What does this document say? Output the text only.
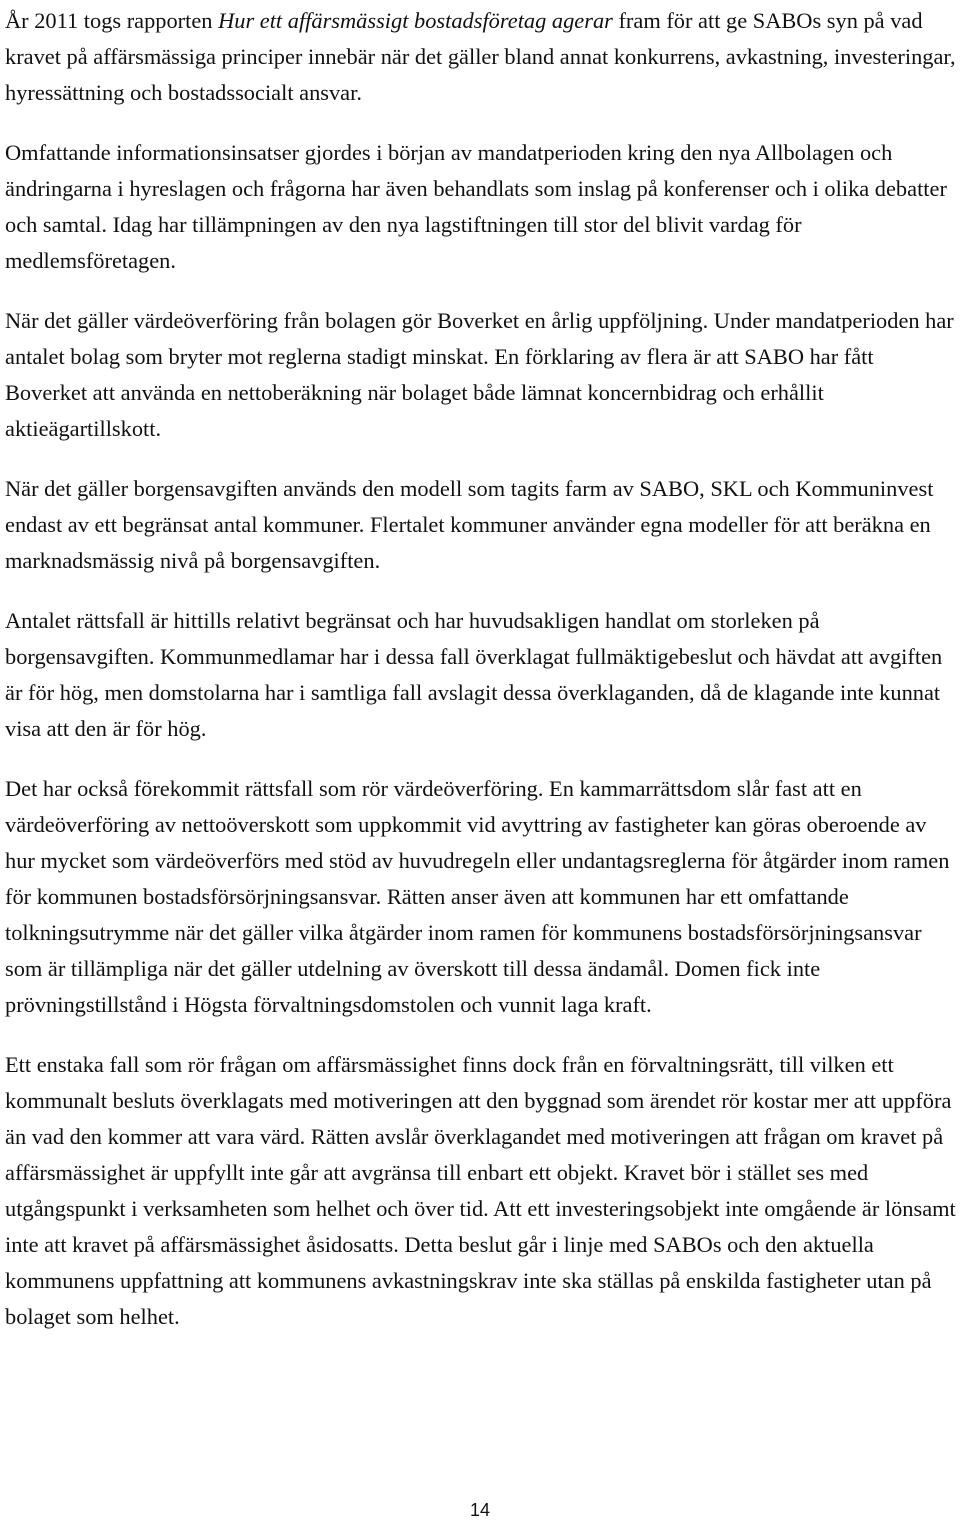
År 2011 togs rapporten Hur ett affärsmässigt bostadsföretag agerar fram för att ge SABOs syn på vad kravet på affärsmässiga principer innebär när det gäller bland annat konkurrens, avkastning, investeringar, hyressättning och bostadssocialt ansvar.

Omfattande informationsinsatser gjordes i början av mandatperioden kring den nya Allbolagen och ändringarna i hyreslagen och frågorna har även behandlats som inslag på konferenser och i olika debatter och samtal. Idag har tillämpningen av den nya lagstiftningen till stor del blivit vardag för medlemsföretagen.

När det gäller värdeöverföring från bolagen gör Boverket en årlig uppföljning. Under mandatperioden har antalet bolag som bryter mot reglerna stadigt minskat. En förklaring av flera är att SABO har fått Boverket att använda en nettoberäkning när bolaget både lämnat koncernbidrag och erhållit aktieägartillskott.

När det gäller borgensavgiften används den modell som tagits farm av SABO, SKL och Kommuninvest endast av ett begränsat antal kommuner. Flertalet kommuner använder egna modeller för att beräkna en marknadsmässig nivå på borgensavgiften.

Antalet rättsfall är hittills relativt begränsat och har huvudsakligen handlat om storleken på borgensavgiften. Kommunmedlamar har i dessa fall överklagat fullmäktigebeslut och hävdat att avgiften är för hög, men domstolarna har i samtliga fall avslagit dessa överklaganden, då de klagande inte kunnat visa att den är för hög.

Det har också förekommit rättsfall som rör värdeöverföring. En kammarrättsdom slår fast att en värdeöverföring av nettoöverskott som uppkommit vid avyttring av fastigheter kan göras oberoende av hur mycket som värdeöverförs med stöd av huvudregeln eller undantagsreglerna för åtgärder inom ramen för kommunen bostadsförsörjningsansvar. Rätten anser även att kommunen har ett omfattande tolkningsutrymme när det gäller vilka åtgärder inom ramen för kommunens bostadsförsörjningsansvar som är tillämpliga när det gäller utdelning av överskott till dessa ändamål. Domen fick inte prövningstillstånd i Högsta förvaltningsdomstolen och vunnit laga kraft.

Ett enstaka fall som rör frågan om affärsmässighet finns dock från en förvaltningsrätt, till vilken ett kommunalt besluts överklagats med motiveringen att den byggnad som ärendet rör kostar mer att uppföra än vad den kommer att vara värd. Rätten avslår överklagandet med motiveringen att frågan om kravet på affärsmässighet är uppfyllt inte går att avgränsa till enbart ett objekt. Kravet bör i stället ses med utgångspunkt i verksamheten som helhet och över tid. Att ett investeringsobjekt inte omgående är lönsamt inte att kravet på affärsmässighet åsidosatts. Detta beslut går i linje med SABOs och den aktuella kommunens uppfattning att kommunens avkastningskrav inte ska ställas på enskilda fastigheter utan på bolaget som helhet.

14
